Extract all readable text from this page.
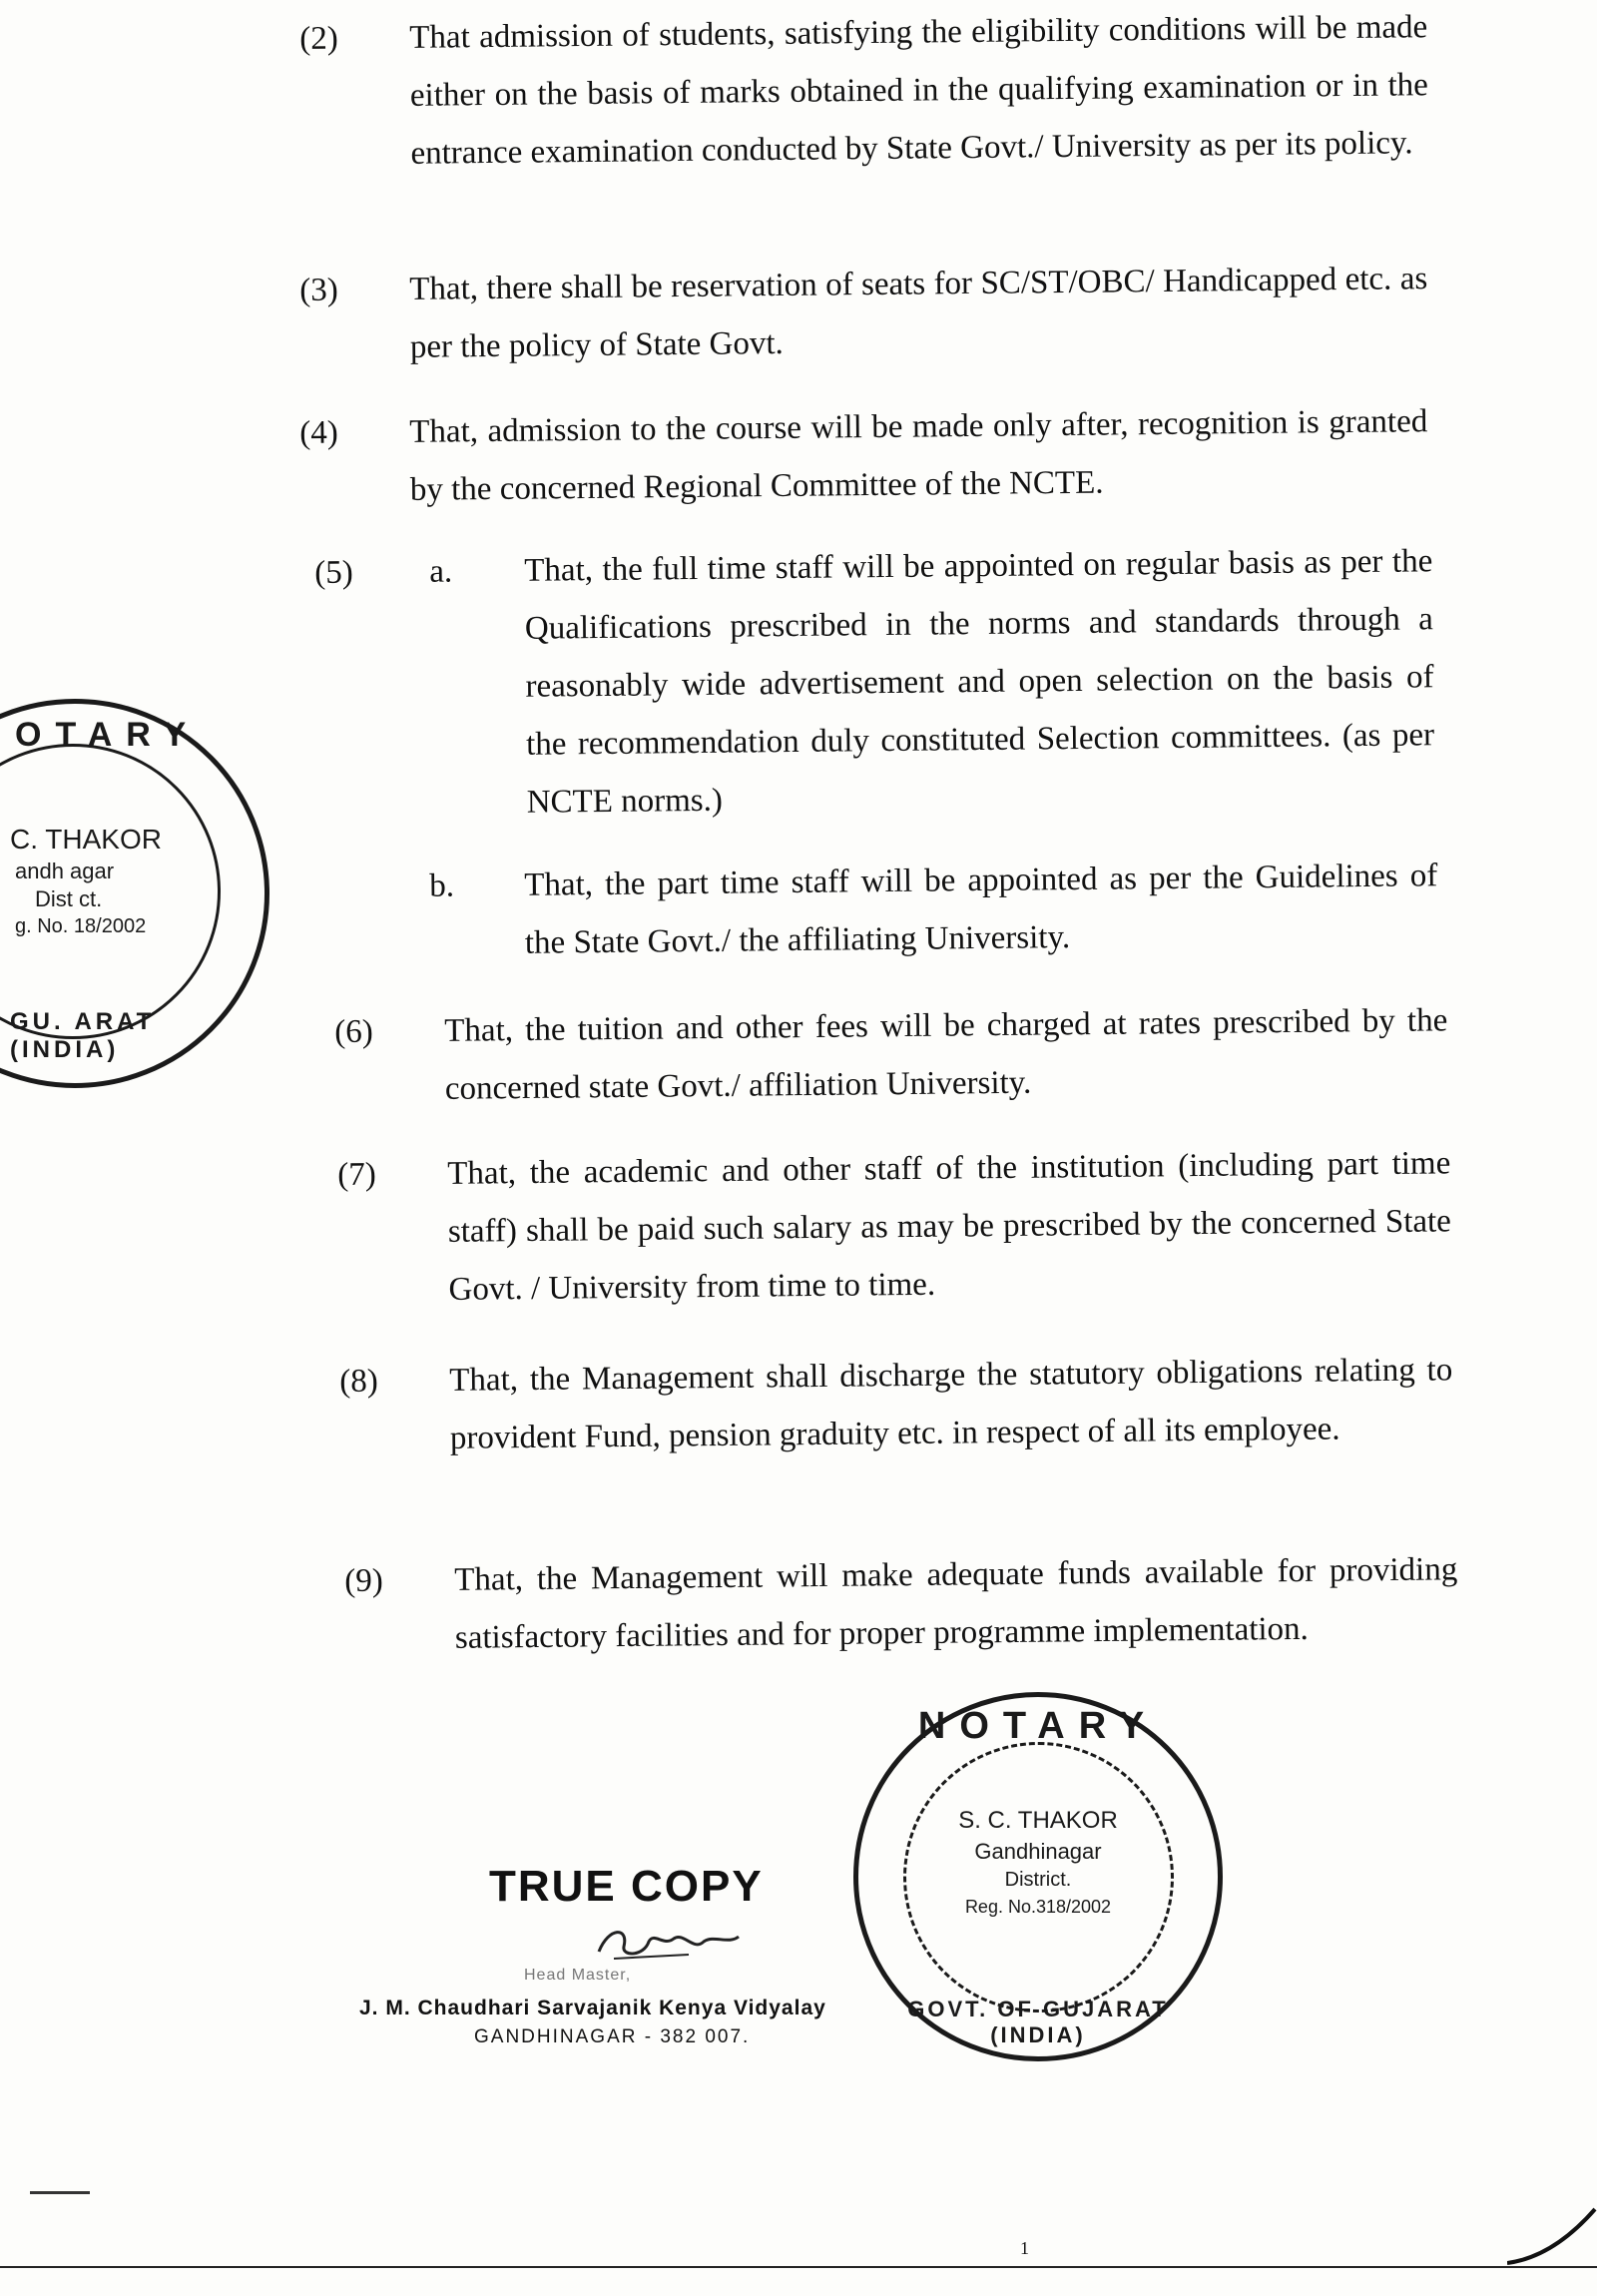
(2) That admission of students, satisfying the eligibility conditions will be made either on the basis of marks obtained in the qualifying examination or in the entrance examination conducted by State Govt./ University as per its policy.
(3) That, there shall be reservation of seats for SC/ST/OBC/ Handicapped etc. as per the policy of State Govt.
(4) That, admission to the course will be made only after, recognition is granted by the concerned Regional Committee of the NCTE.
(5) a. That, the full time staff will be appointed on regular basis as per the Qualifications prescribed in the norms and standards through a reasonably wide advertisement and open selection on the basis of the recommendation duly constituted Selection committees. (as per NCTE norms.)
b. That, the part time staff will be appointed as per the Guidelines of the State Govt./ the affiliating University.
(6) That, the tuition and other fees will be charged at rates prescribed by the concerned state Govt./ affiliation University.
(7) That, the academic and other staff of the institution (including part time staff) shall be paid such salary as may be prescribed by the concerned State Govt. / University from time to time.
(8) That, the Management shall discharge the statutory obligations relating to provident Fund, pension graduity etc. in respect of all its employee.
(9) That, the Management will make adequate funds available for providing satisfactory facilities and for proper programme implementation.
OTARY
C. THAKOR
andh agar
Dist ct.
g. No. 18/2002
GU. ARAT (INDIA)
NOTARY
S. C. THAKOR
Gandhinagar
District.
Reg. No.318/2002
GOVT. OF GUJARAT (INDIA)
TRUE COPY
Head Master,
J. M. Chaudhari Sarvajanik Kenya Vidyalay
GANDHINAGAR - 382 007.
1
